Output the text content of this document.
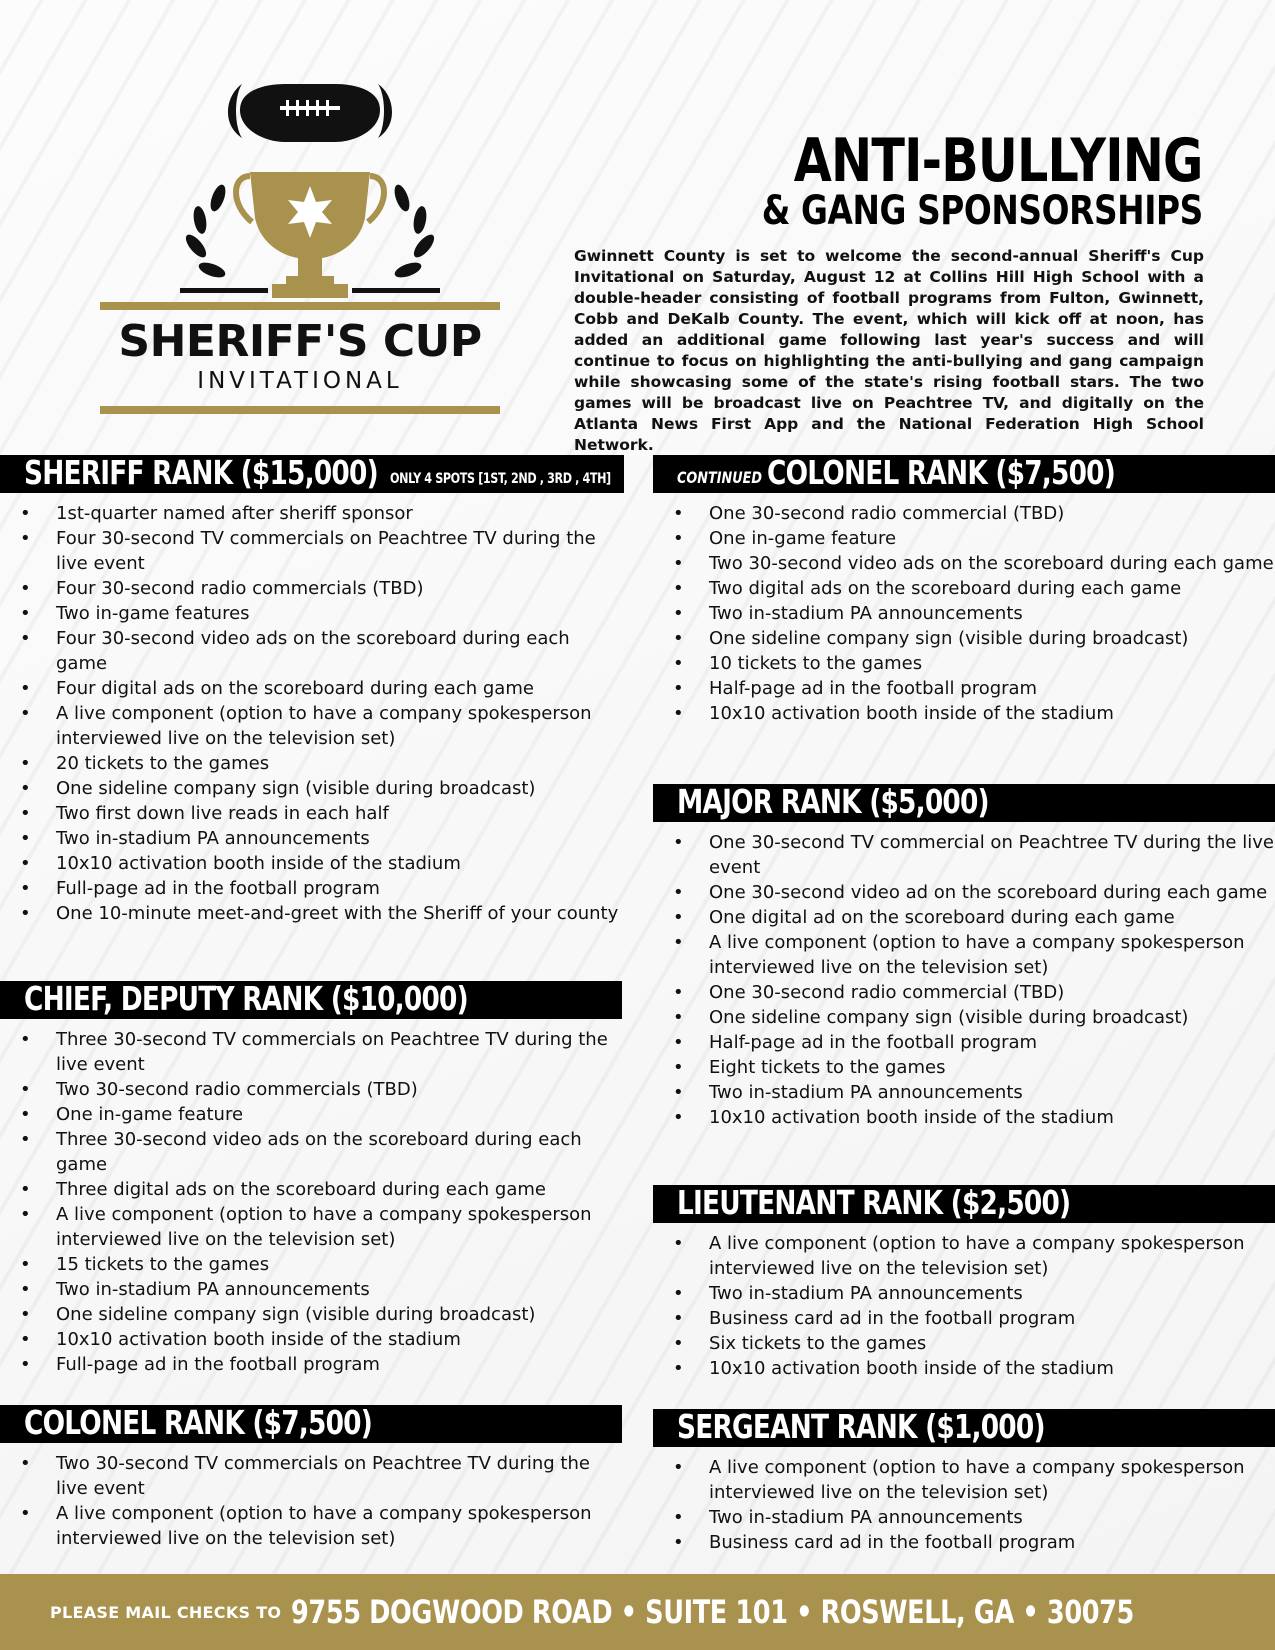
SHERIFF'S CUP
INVITATIONAL
ANTI-BULLYING
& GANG SPONSORSHIPS
Gwinnett County is set to welcome the second-annual Sheriff's Cup Invitational on Saturday, August 12 at Collins Hill High School with a double-header consisting of football programs from Fulton, Gwinnett, Cobb and DeKalb County. The event, which will kick off at noon, has added an additional game following last year's success and will continue to focus on highlighting the anti-bullying and gang campaign while showcasing some of the state's rising football stars. The two games will be broadcast live on Peachtree TV, and digitally on the Atlanta News First App and the National Federation High School Network.
SHERIFF RANK ($15,000) ONLY 4 SPOTS [1ST, 2ND , 3RD , 4TH]
• 1st-quarter named after sheriff sponsor
• Four 30-second TV commercials on Peachtree TV during the live event
• Four 30-second radio commercials (TBD)
• Two in-game features
• Four 30-second video ads on the scoreboard during each game
• Four digital ads on the scoreboard during each game
• A live component (option to have a company spokesperson interviewed live on the television set)
• 20 tickets to the games
• One sideline company sign (visible during broadcast)
• Two first down live reads in each half
• Two in-stadium PA announcements
• 10x10 activation booth inside of the stadium
• Full-page ad in the football program
• One 10-minute meet-and-greet with the Sheriff of your county
CHIEF, DEPUTY RANK ($10,000)
• Three 30-second TV commercials on Peachtree TV during the live event
• Two 30-second radio commercials (TBD)
• One in-game feature
• Three 30-second video ads on the scoreboard during each game
• Three digital ads on the scoreboard during each game
• A live component (option to have a company spokesperson interviewed live on the television set)
• 15 tickets to the games
• Two in-stadium PA announcements
• One sideline company sign (visible during broadcast)
• 10x10 activation booth inside of the stadium
• Full-page ad in the football program
COLONEL RANK ($7,500)
• Two 30-second TV commercials on Peachtree TV during the live event
• A live component (option to have a company spokesperson interviewed live on the television set)
CONTINUED COLONEL RANK ($7,500)
• One 30-second radio commercial (TBD)
• One in-game feature
• Two 30-second video ads on the scoreboard during each game
• Two digital ads on the scoreboard during each game
• Two in-stadium PA announcements
• One sideline company sign (visible during broadcast)
• 10 tickets to the games
• Half-page ad in the football program
• 10x10 activation booth inside of the stadium
MAJOR RANK ($5,000)
• One 30-second TV commercial on Peachtree TV during the live event
• One 30-second video ad on the scoreboard during each game
• One digital ad on the scoreboard during each game
• A live component (option to have a company spokesperson interviewed live on the television set)
• One 30-second radio commercial (TBD)
• One sideline company sign (visible during broadcast)
• Half-page ad in the football program
• Eight tickets to the games
• Two in-stadium PA announcements
• 10x10 activation booth inside of the stadium
LIEUTENANT RANK ($2,500)
• A live component (option to have a company spokesperson interviewed live on the television set)
• Two in-stadium PA announcements
• Business card ad in the football program
• Six tickets to the games
• 10x10 activation booth inside of the stadium
SERGEANT RANK ($1,000)
• A live component (option to have a company spokesperson interviewed live on the television set)
• Two in-stadium PA announcements
• Business card ad in the football program
PLEASE MAIL CHECKS TO 9755 DOGWOOD ROAD • SUITE 101 • ROSWELL, GA • 30075
